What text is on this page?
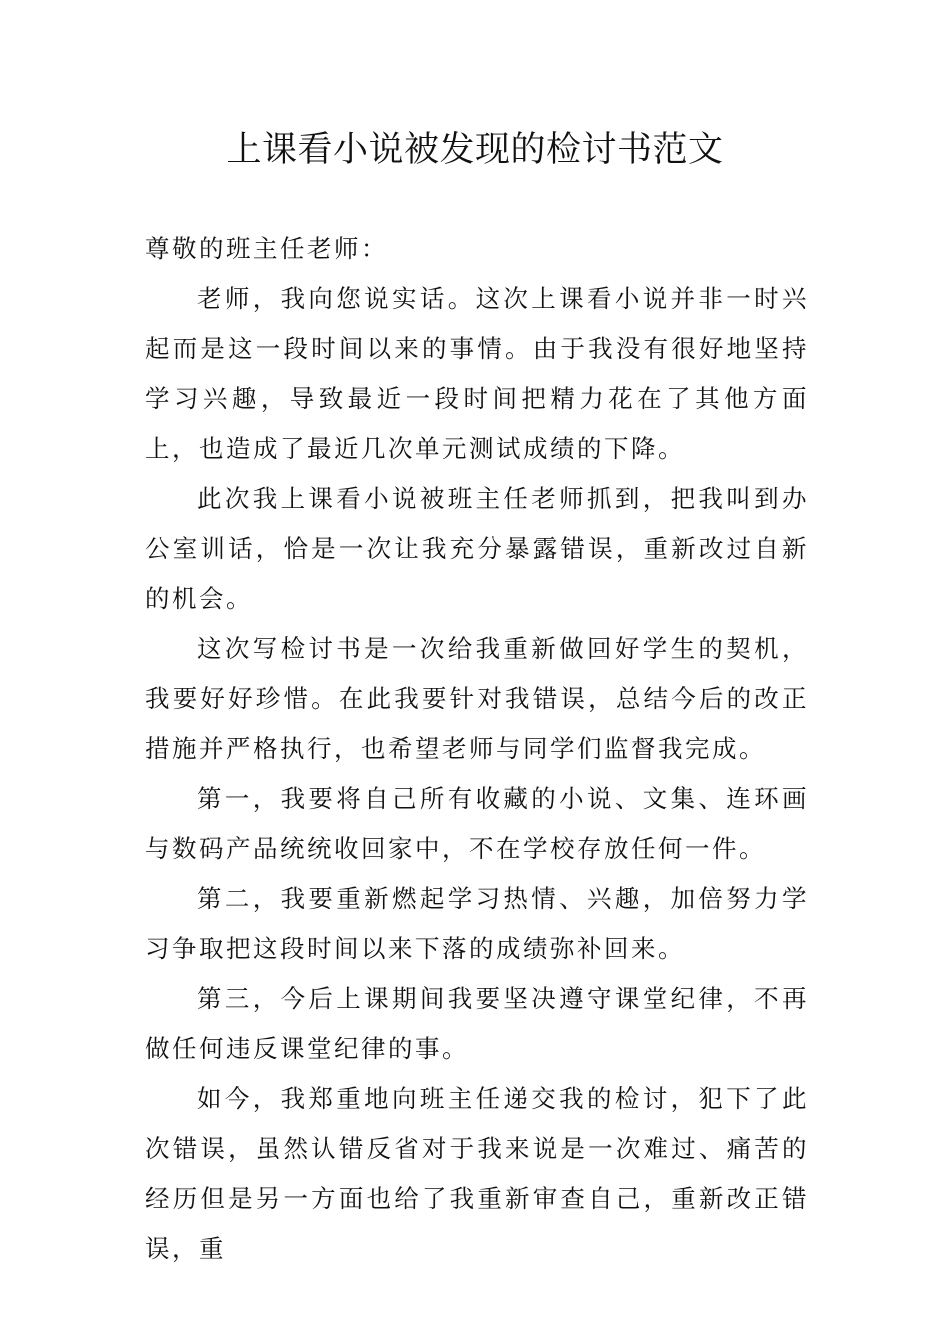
上课看小说被发现的检讨书范文

尊敬的班主任老师：

老师，我向您说实话。这次上课看小说并非一时兴起而是这一段时间以来的事情。由于我没有很好地坚持学习兴趣，导致最近一段时间把精力花在了其他方面上，也造成了最近几次单元测试成绩的下降。

此次我上课看小说被班主任老师抓到，把我叫到办公室训话，恰是一次让我充分暴露错误，重新改过自新的机会。

这次写检讨书是一次给我重新做回好学生的契机，我要好好珍惜。在此我要针对我错误，总结今后的改正措施并严格执行，也希望老师与同学们监督我完成。

第一，我要将自己所有收藏的小说、文集、连环画与数码产品统统收回家中，不在学校存放任何一件。

第二，我要重新燃起学习热情、兴趣，加倍努力学习争取把这段时间以来下落的成绩弥补回来。

第三，今后上课期间我要坚决遵守课堂纪律，不再做任何违反课堂纪律的事。

如今，我郑重地向班主任递交我的检讨，犯下了此次错误，虽然认错反省对于我来说是一次难过、痛苦的经历但是另一方面也给了我重新审查自己，重新改正错误，重
